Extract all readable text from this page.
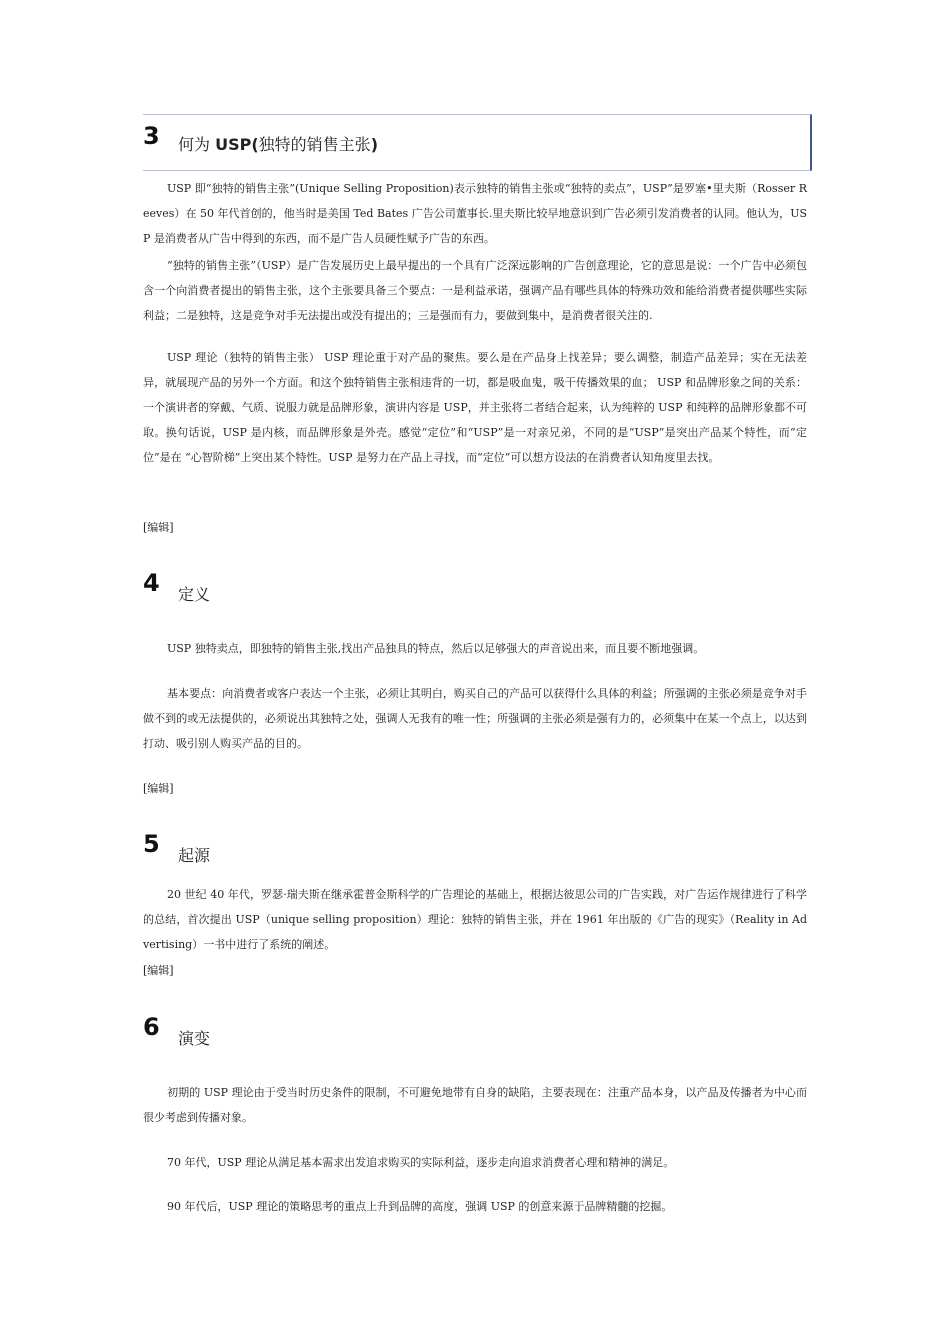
3 何为 USP(独特的销售主张)

USP 即“独特的销售主张”(Unique Selling Proposition)表示独特的销售主张或“独特的卖点”，USP”是罗塞•里夫斯（Rosser Reeves）在 50 年代首创的，他当时是美国 Ted Bates 广告公司董事长.里夫斯比较早地意识到广告必须引发消费者的认同。他认为，USP 是消费者从广告中得到的东西，而不是广告人员硬性赋予广告的东西。

“独特的销售主张”（USP）是广告发展历史上最早提出的一个具有广泛深远影响的广告创意理论，它的意思是说：一个广告中必须包含一个向消费者提出的销售主张，这个主张要具备三个要点：一是利益承诺，强调产品有哪些具体的特殊功效和能给消费者提供哪些实际利益；二是独特，这是竞争对手无法提出或没有提出的；三是强而有力，要做到集中，是消费者很关注的.

USP 理论（独特的销售主张） USP 理论重于对产品的聚焦。要么是在产品身上找差异；要么调整，制造产品差异；实在无法差异，就展现产品的另外一个方面。和这个独特销售主张相违背的一切，都是吸血鬼，吸干传播效果的血； USP 和品牌形象之间的关系：一个演讲者的穿戴、气质、说服力就是品牌形象，演讲内容是 USP，并主张将二者结合起来，认为纯粹的 USP 和纯粹的品牌形象都不可取。换句话说，USP 是内核，而品牌形象是外壳。感觉“定位”和“USP”是一对亲兄弟，不同的是“USP”是突出产品某个特性，而“定位”是在 “心智阶梯”上突出某个特性。USP 是努力在产品上寻找，而“定位”可以想方设法的在消费者认知角度里去找。

[编辑]
4 定义

USP 独特卖点，即独特的销售主张,找出产品独具的特点，然后以足够强大的声音说出来，而且要不断地强调。

基本要点：向消费者或客户表达一个主张，必须让其明白，购买自己的产品可以获得什么具体的利益；所强调的主张必须是竞争对手做不到的或无法提供的，必须说出其独特之处，强调人无我有的唯一性；所强调的主张必须是强有力的，必须集中在某一个点上，以达到打动、吸引别人购买产品的目的。

[编辑]
5 起源

20 世纪 40 年代，罗瑟·瑞夫斯在继承霍普金斯科学的广告理论的基础上，根据达彼思公司的广告实践，对广告运作规律进行了科学的总结，首次提出 USP（unique selling proposition）理论：独特的销售主张，并在 1961 年出版的《广告的现实》（Reality in Advertising）一书中进行了系统的阐述。

[编辑]
6 演变

初期的 USP 理论由于受当时历史条件的限制，不可避免地带有自身的缺陷，主要表现在：注重产品本身，以产品及传播者为中心而很少考虑到传播对象。

70 年代，USP 理论从满足基本需求出发追求购买的实际利益，逐步走向追求消费者心理和精神的满足。

90 年代后，USP 理论的策略思考的重点上升到品牌的高度，强调 USP 的创意来源于品牌精髓的挖掘。
